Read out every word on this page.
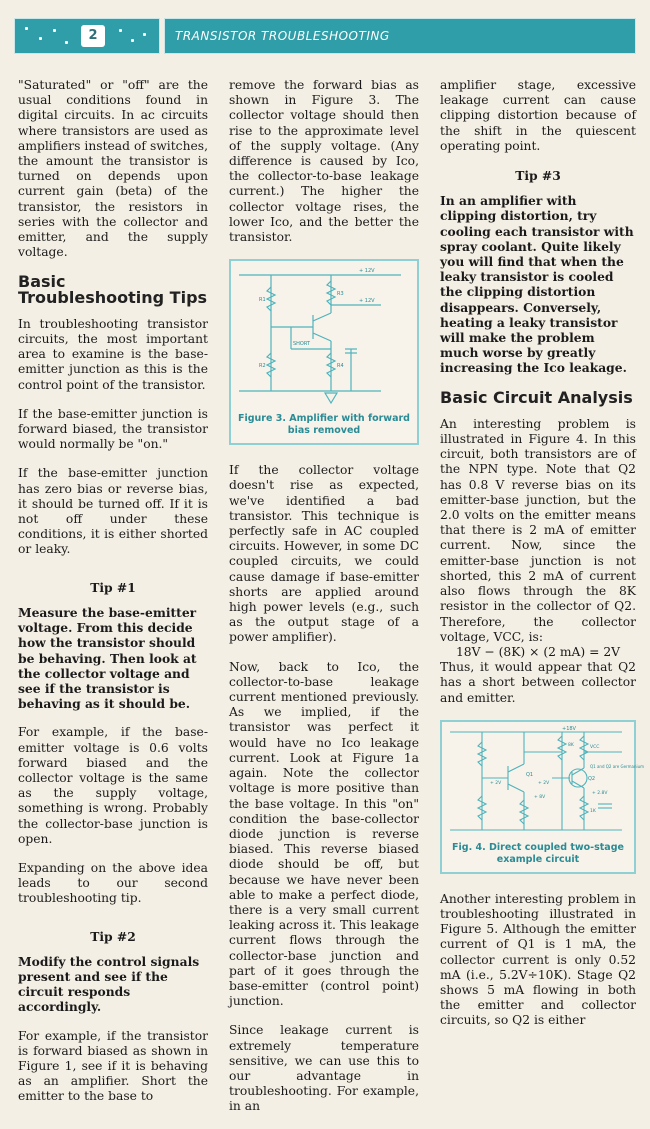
2	TRANSISTOR TROUBLESHOOTING

"Saturated" or "off" are the usual conditions found in digital circuits. In ac circuits where transistors are used as amplifiers instead of switches, the amount the transistor is turned on depends upon current gain (beta) of the transistor, the resistors in series with the collector and emitter, and the supply voltage.

Basic Troubleshooting Tips

In troubleshooting transistor circuits, the most important area to examine is the base-emitter junction as this is the control point of the transistor.

If the base-emitter junction is forward biased, the transistor would normally be "on."

If the base-emitter junction has zero bias or reverse bias, it should be turned off. If it is not off under these conditions, it is either shorted or leaky.

Tip #1

Measure the base-emitter voltage. From this decide how the transistor should be behaving. Then look at the collector voltage and see if the transistor is behaving as it should be.

For example, if the base-emitter voltage is 0.6 volts forward biased and the collector voltage is the same as the supply voltage, something is wrong. Probably the collector-base junction is open.

Expanding on the above idea leads to our second troubleshooting tip.

Tip #2

Modify the control signals present and see if the circuit responds accordingly.

For example, if the transistor is forward biased as shown in Figure 1, see if it is behaving as an amplifier. Short the emitter to the base to

remove the forward bias as shown in Figure 3. The collector voltage should then rise to the approximate level of the supply voltage. (Any difference is caused by Ico, the collector-to-base leakage current.) The higher the collector voltage rises, the lower Ico, and the better the transistor.

+ 12V
+ 12V
SHORT
R1
R2
R3
R4
Figure 3. Amplifier with forward bias removed

If the collector voltage doesn't rise as expected, we've identified a bad transistor. This technique is perfectly safe in AC coupled circuits. However, in some DC coupled circuits, we could cause damage if base-emitter shorts are applied around high power levels (e.g., such as the output stage of a power amplifier).

Now, back to Ico, the collector-to-base leakage current mentioned previously. As we implied, if the transistor was perfect it would have no Ico leakage current. Look at Figure 1a again. Note the collector voltage is more positive than the base voltage. In this "on" condition the base-collector diode junction is reverse biased. This reverse biased diode should be off, but because we have never been able to make a perfect diode, there is a very small current leaking across it. This leakage current flows through the collector-base junction and part of it goes through the base-emitter (control point) junction.

Since leakage current is extremely temperature sensitive, we can use this to our advantage in troubleshooting. For example, in an

amplifier stage, excessive leakage current can cause clipping distortion because of the shift in the quiescent operating point.

Tip #3

In an amplifier with clipping distortion, try cooling each transistor with spray coolant. Quite likely you will find that when the leaky transistor is cooled the clipping distortion disappears. Conversely, heating a leaky transistor will make the problem much worse by greatly increasing the Ico leakage.

Basic Circuit Analysis

An interesting problem is illustrated in Figure 4. In this circuit, both transistors are of the NPN type. Note that Q2 has 0.8 V reverse bias on its emitter-base junction, but the 2.0 volts on the emitter means that there is 2 mA of emitter current. Now, since the emitter-base junction is not shorted, this 2 mA of current also flows through the 8K resistor in the collector of Q2. Therefore, the collector voltage, VCC, is:

18V − (8K) × (2 mA) = 2V

Thus, it would appear that Q2 has a short between collector and emitter.

+18V
Q1
Q2
Q1 and Q2 are Germanium
+ 2V	+ 2V
+ 2.8V
+ 8V
VCC
8K
1K
Fig. 4. Direct coupled two-stage example circuit

Another interesting problem in troubleshooting illustrated in Figure 5. Although the emitter current of Q1 is 1 mA, the collector current is only 0.52 mA (i.e., 5.2V÷10K). Stage Q2 shows 5 mA flowing in both the emitter and collector circuits, so Q2 is either
